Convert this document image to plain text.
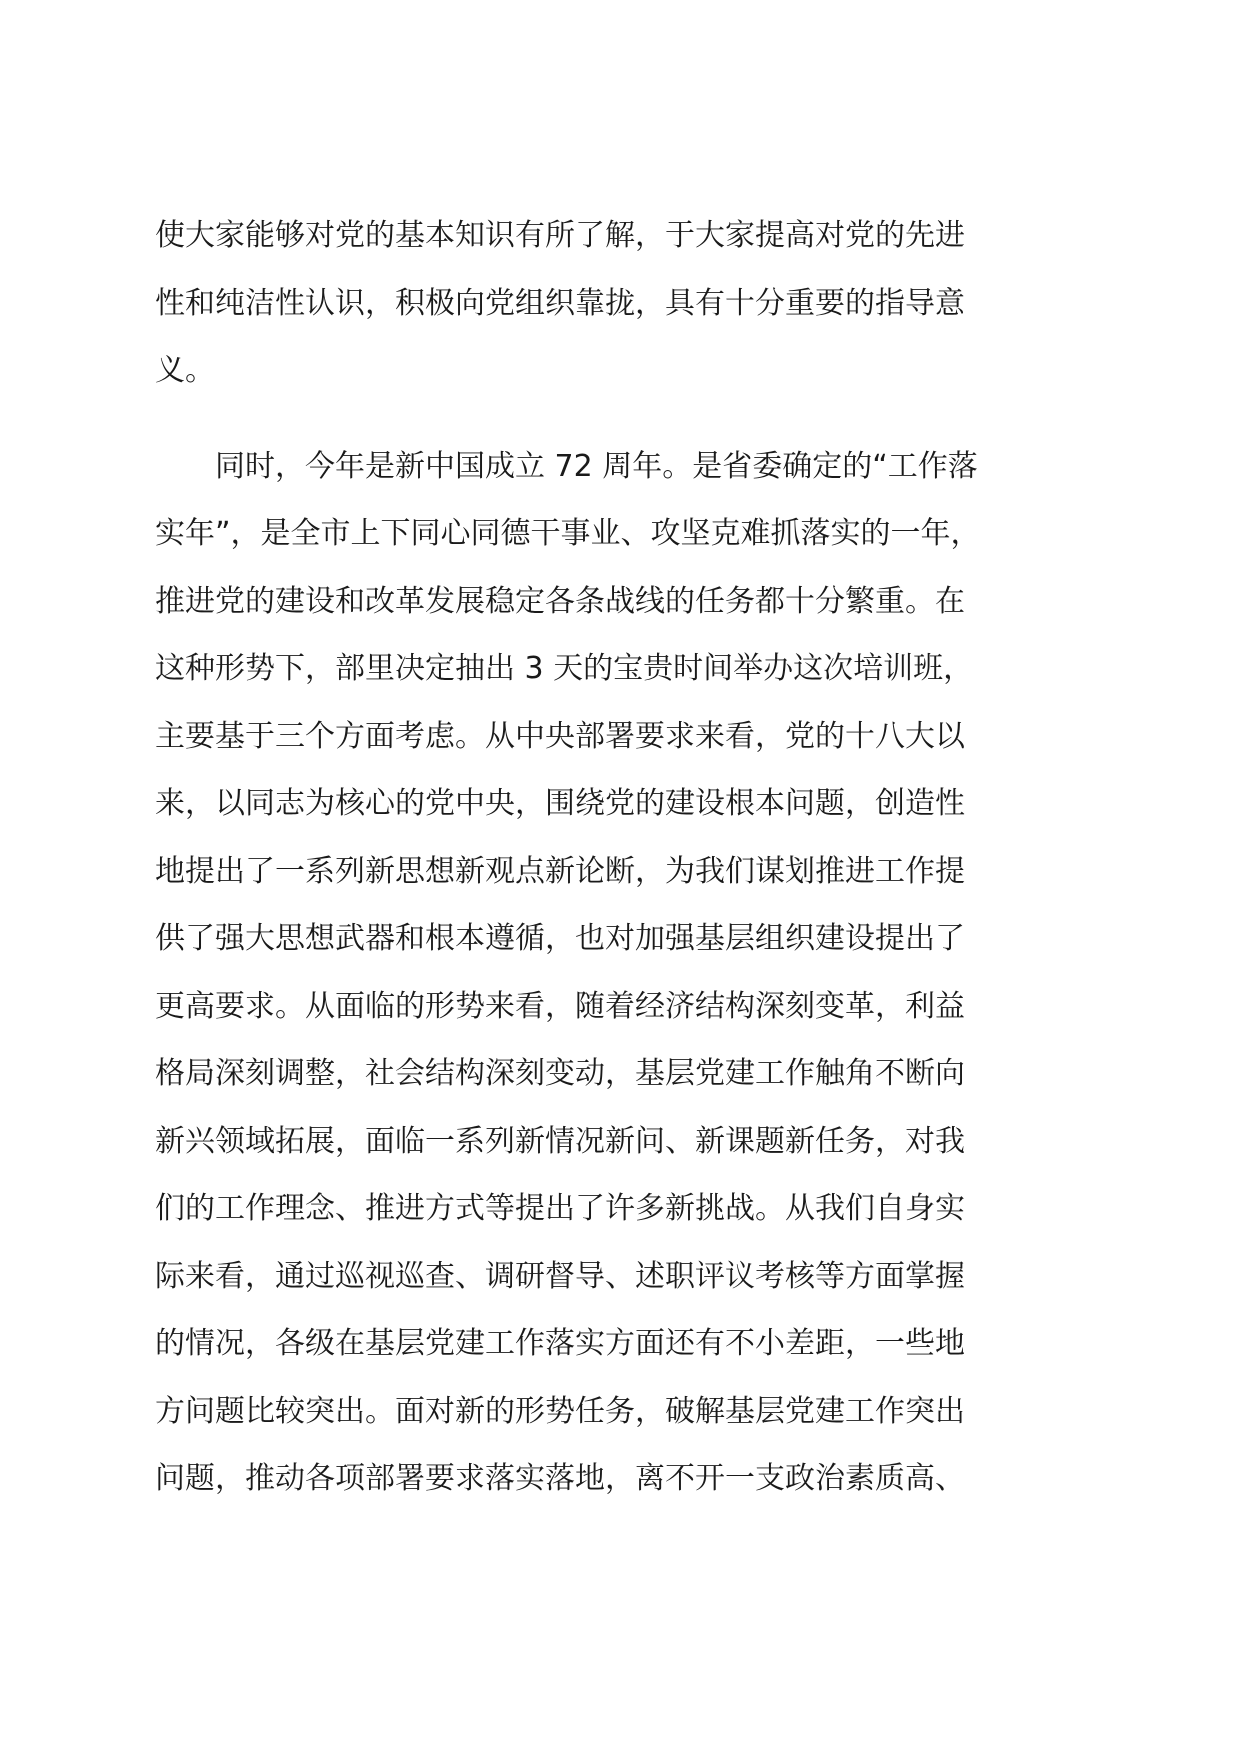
使大家能够对党的基本知识有所了解，于大家提高对党的先进
性和纯洁性认识，积极向党组织靠拢，具有十分重要的指导意
义。

　　同时，今年是新中国成立 72 周年。是省委确定的“工作落
实年”，是全市上下同心同德干事业、攻坚克难抓落实的一年，
推进党的建设和改革发展稳定各条战线的任务都十分繁重。在
这种形势下，部里决定抽出 3 天的宝贵时间举办这次培训班，
主要基于三个方面考虑。从中央部署要求来看，党的十八大以
来，以同志为核心的党中央，围绕党的建设根本问题，创造性
地提出了一系列新思想新观点新论断，为我们谋划推进工作提
供了强大思想武器和根本遵循，也对加强基层组织建设提出了
更高要求。从面临的形势来看，随着经济结构深刻变革，利益
格局深刻调整，社会结构深刻变动，基层党建工作触角不断向
新兴领域拓展，面临一系列新情况新问、新课题新任务，对我
们的工作理念、推进方式等提出了许多新挑战。从我们自身实
际来看，通过巡视巡查、调研督导、述职评议考核等方面掌握
的情况，各级在基层党建工作落实方面还有不小差距，一些地
方问题比较突出。面对新的形势任务，破解基层党建工作突出
问题，推动各项部署要求落实落地，离不开一支政治素质高、
